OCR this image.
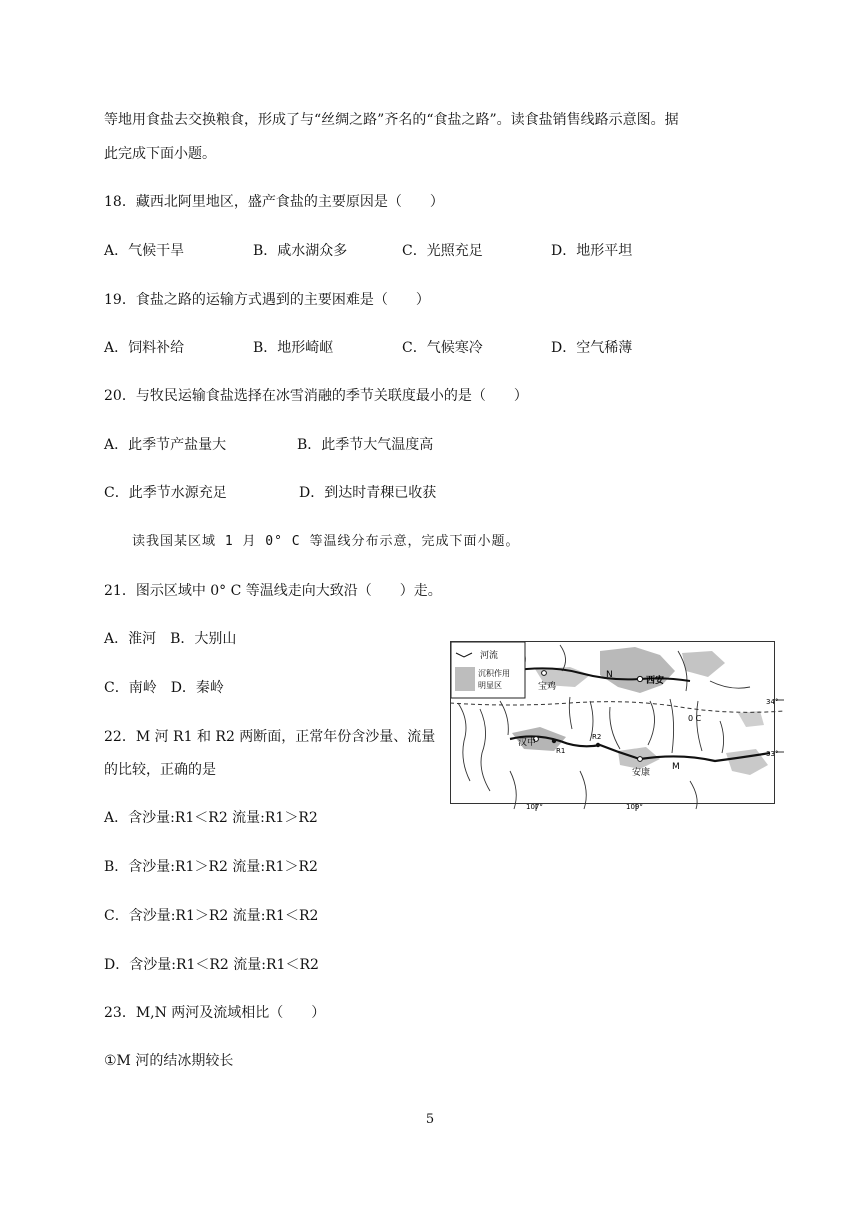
等地用食盐去交换粮食，形成了与“丝绸之路”齐名的“食盐之路”。读食盐销售线路示意图。据
此完成下面小题。
18．藏西北阿里地区，盛产食盐的主要原因是（　　）
A．气候干旱	B．咸水湖众多	C．光照充足	D．地形平坦
19．食盐之路的运输方式遇到的主要困难是（　　）
A．饲料补给	B．地形崎岖	C．气候寒冷	D．空气稀薄
20．与牧民运输食盐选择在冰雪消融的季节关联度最小的是（　　）
A．此季节产盐量大	B．此季节大气温度高
C．此季节水源充足	D．到达时青稞已收获
读我国某区域 1 月 0° C 等温线分布示意，完成下面小题。
21．图示区域中 0° C 等温线走向大致沿（　　）走。
A．淮河　B．大别山
C．南岭　D．秦岭
22．M 河 R1 和 R2 两断面，正常年份含沙量、流量
的比较，正确的是
A．含沙量:R1＜R2 流量:R1＞R2
B．含沙量:R1＞R2 流量:R1＞R2
C．含沙量:R1＞R2 流量:R1＜R2
D．含沙量:R1＜R2 流量:R1＜R2
23．M,N 两河及流域相比（　　）
①M 河的结冰期较长
河流
沉积作用
明显区	宝鸡
西安
汉中
安康
N
M
R1
R2
0 C
34°
33°
107°	109°
5
